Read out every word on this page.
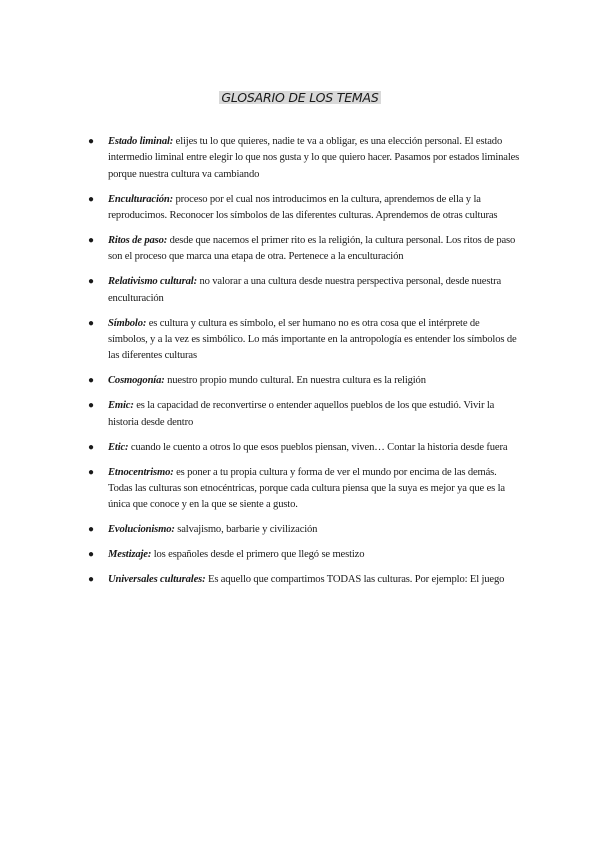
GLOSARIO DE LOS TEMAS
● Estado liminal: elijes tu lo que quieres, nadie te va a obligar, es una elección personal. El estado intermedio liminal entre elegir lo que nos gusta y lo que quiero hacer. Pasamos por estados liminales porque nuestra cultura va cambiando
● Enculturación: proceso por el cual nos introducimos en la cultura, aprendemos de ella y la reproducimos. Reconocer los símbolos de las diferentes culturas. Aprendemos de otras culturas
● Ritos de paso: desde que nacemos el primer rito es la religión, la cultura personal. Los ritos de paso son el proceso que marca una etapa de otra. Pertenece a la enculturación
● Relativismo cultural: no valorar a una cultura desde nuestra perspectiva personal, desde nuestra enculturación
● Símbolo: es cultura y cultura es símbolo, el ser humano no es otra cosa que el intérprete de símbolos, y a la vez es simbólico. Lo más importante en la antropología es entender los símbolos de las diferentes culturas
● Cosmogonía: nuestro propio mundo cultural. En nuestra cultura es la religión
● Emic: es la capacidad de reconvertirse o entender aquellos pueblos de los que estudió. Vivir la historia desde dentro
● Etic: cuando le cuento a otros lo que esos pueblos piensan, viven… Contar la historia desde fuera
● Etnocentrismo: es poner a tu propia cultura y forma de ver el mundo por encima de las demás. Todas las culturas son etnocéntricas, porque cada cultura piensa que la suya es mejor ya que es la única que conoce y en la que se siente a gusto.
● Evolucionismo: salvajismo, barbarie y civilización
● Mestizaje: los españoles desde el primero que llegó se mestizo
● Universales culturales: Es aquello que compartimos TODAS las culturas. Por ejemplo: El juego
